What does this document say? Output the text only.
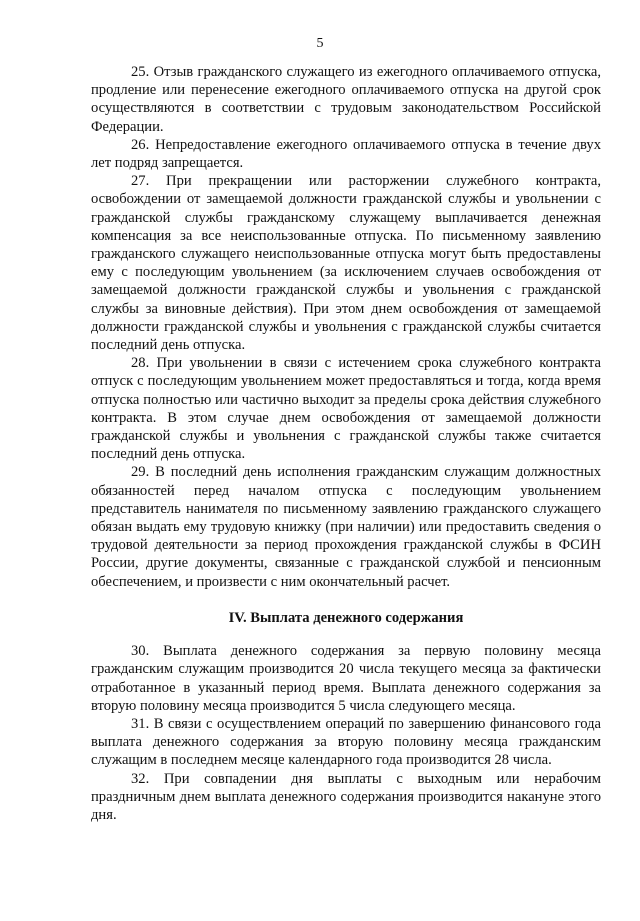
5

25. Отзыв гражданского служащего из ежегодного оплачиваемого отпуска, продление или перенесение ежегодного оплачиваемого отпуска на другой срок осуществляются в соответствии с трудовым законодательством Российской Федерации.

26. Непредоставление ежегодного оплачиваемого отпуска в течение двух лет подряд запрещается.

27. При прекращении или расторжении служебного контракта, освобождении от замещаемой должности гражданской службы и увольнении с гражданской службы гражданскому служащему выплачивается денежная компенсация за все неиспользованные отпуска. По письменному заявлению гражданского служащего неиспользованные отпуска могут быть предоставлены ему с последующим увольнением (за исключением случаев освобождения от замещаемой должности гражданской службы и увольнения с гражданской службы за виновные действия). При этом днем освобождения от замещаемой должности гражданской службы и увольнения с гражданской службы считается последний день отпуска.

28. При увольнении в связи с истечением срока служебного контракта отпуск с последующим увольнением может предоставляться и тогда, когда время отпуска полностью или частично выходит за пределы срока действия служебного контракта. В этом случае днем освобождения от замещаемой должности гражданской службы и увольнения с гражданской службы также считается последний день отпуска.

29. В последний день исполнения гражданским служащим должностных обязанностей перед началом отпуска с последующим увольнением представитель нанимателя по письменному заявлению гражданского служащего обязан выдать ему трудовую книжку (при наличии) или предоставить сведения о трудовой деятельности за период прохождения гражданской службы в ФСИН России, другие документы, связанные с гражданской службой и пенсионным обеспечением, и произвести с ним окончательный расчет.

IV. Выплата денежного содержания

30. Выплата денежного содержания за первую половину месяца гражданским служащим производится 20 числа текущего месяца за фактически отработанное в указанный период время. Выплата денежного содержания за вторую половину месяца производится 5 числа следующего месяца.

31. В связи с осуществлением операций по завершению финансового года выплата денежного содержания за вторую половину месяца гражданским служащим в последнем месяце календарного года производится 28 числа.

32. При совпадении дня выплаты с выходным или нерабочим праздничным днем выплата денежного содержания производится накануне этого дня.
